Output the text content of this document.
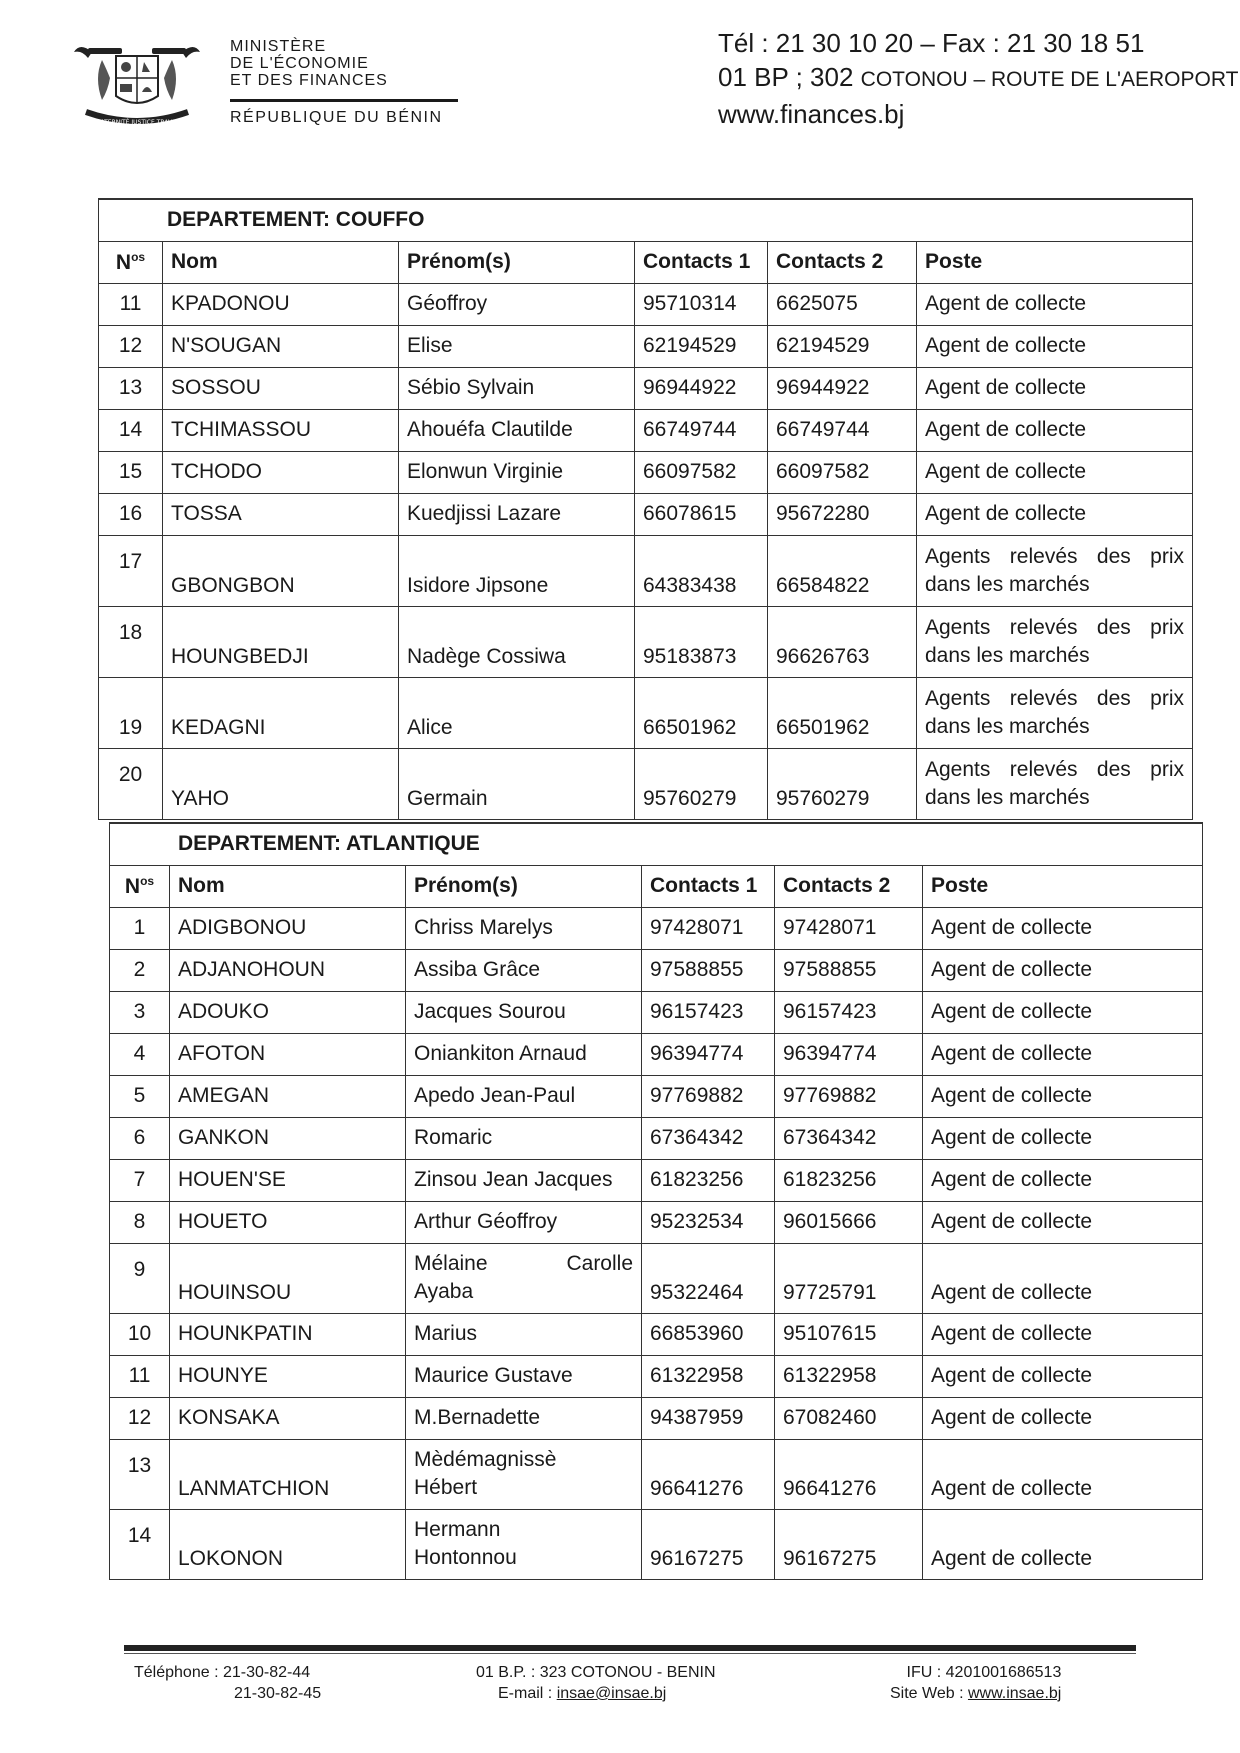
FRATERNITÉ JUSTICE TRAVAIL
MINISTÈRE
DE L'ÉCONOMIE
ET DES FINANCES
RÉPUBLIQUE DU BÉNIN
Tél : 21 30 10 20 – Fax : 21 30 18 51
01 BP ; 302 COTONOU – ROUTE DE L'AEROPORT
www.finances.bj
DEPARTEMENT: COUFFO					
$N^{os}$	Nom	Prénom(s)	Contacts 1	Contacts 2	Poste
11	KPADONOU	Géoffroy	95710314	6625075	Agent de collecte
12	N'SOUGAN	Elise	62194529	62194529	Agent de collecte
13	SOSSOU	Sébio Sylvain	96944922	96944922	Agent de collecte
14	TCHIMASSOU	Ahouéfa Clautilde	66749744	66749744	Agent de collecte
15	TCHODO	Elonwun Virginie	66097582	66097582	Agent de collecte
16	TOSSA	Kuedjissi Lazare	66078615	95672280	Agent de collecte
17	GBONGBON	Isidore Jipsone	64383438	66584822	Agents relevés des prix
dans les marchés
18	HOUNGBEDJI	Nadège Cossiwa	95183873	96626763	Agents relevés des prix
dans les marchés
19	KEDAGNI	Alice	66501962	66501962	Agents relevés des prix
dans les marchés
20	YAHO	Germain	95760279	95760279	Agents relevés des prix
dans les marchés
DEPARTEMENT: ATLANTIQUE					
$N^{os}$	Nom	Prénom(s)	Contacts 1	Contacts 2	Poste
1	ADIGBONOU	Chriss Marelys	97428071	97428071	Agent de collecte
2	ADJANOHOUN	Assiba Grâce	97588855	97588855	Agent de collecte
3	ADOUKO	Jacques Sourou	96157423	96157423	Agent de collecte
4	AFOTON	Oniankiton Arnaud	96394774	96394774	Agent de collecte
5	AMEGAN	Apedo Jean-Paul	97769882	97769882	Agent de collecte
6	GANKON	Romaric	67364342	67364342	Agent de collecte
7	HOUEN'SE	Zinsou Jean Jacques	61823256	61823256	Agent de collecte
8	HOUETO	Arthur Géoffroy	95232534	96015666	Agent de collecte
9	HOUINSOU	Mélaine Carolle
Ayaba	95322464	97725791	Agent de collecte
10	HOUNKPATIN	Marius	66853960	95107615	Agent de collecte
11	HOUNYE	Maurice Gustave	61322958	61322958	Agent de collecte
12	KONSAKA	M.Bernadette	94387959	67082460	Agent de collecte
13	LANMATCHION	Mèdémagnissè
Hébert	96641276	96641276	Agent de collecte
14	LOKONON	Hermann
Hontonnou	96167275	96167275	Agent de collecte
Téléphone : 21-30-82-44
21-30-82-45
01 B.P. : 323 COTONOU - BENIN
E-mail : insae@insae.bj
IFU : 4201001686513
Site Web : www.insae.bj
